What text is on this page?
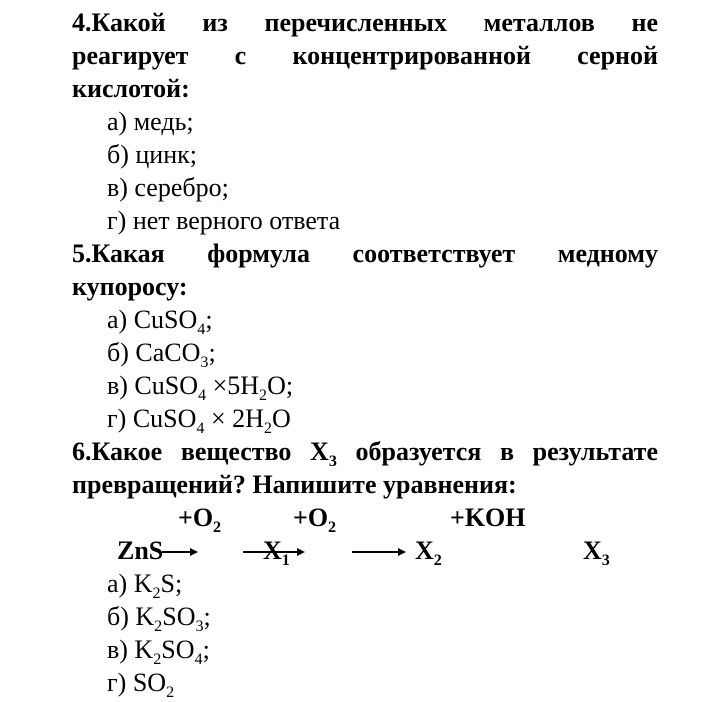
4.Какой из перечисленных металлов не
реагирует с концентрированной серной
кислотой:
а) медь;
б) цинк;
в) серебро;
г) нет верного ответа
5.Какая формула соответствует медному
купоросу:
а) CuSO$_4$;
б) CaCO$_3$;
в) CuSO$_4$ $\times 5H_2O$;
г) CuSO$_4$ × $2H_2O$
6.Какое вещество $X_3$ образуется в результате
превращений? Напишите уравнения:
$+O_2$	$+O_2$	+KOH
ZnS	$X_1$	$X_2$	$X_3$
а) $K_2S$;
б) $K_2SO_3$;
в) $K_2SO_4$;
г) $SO_2$
